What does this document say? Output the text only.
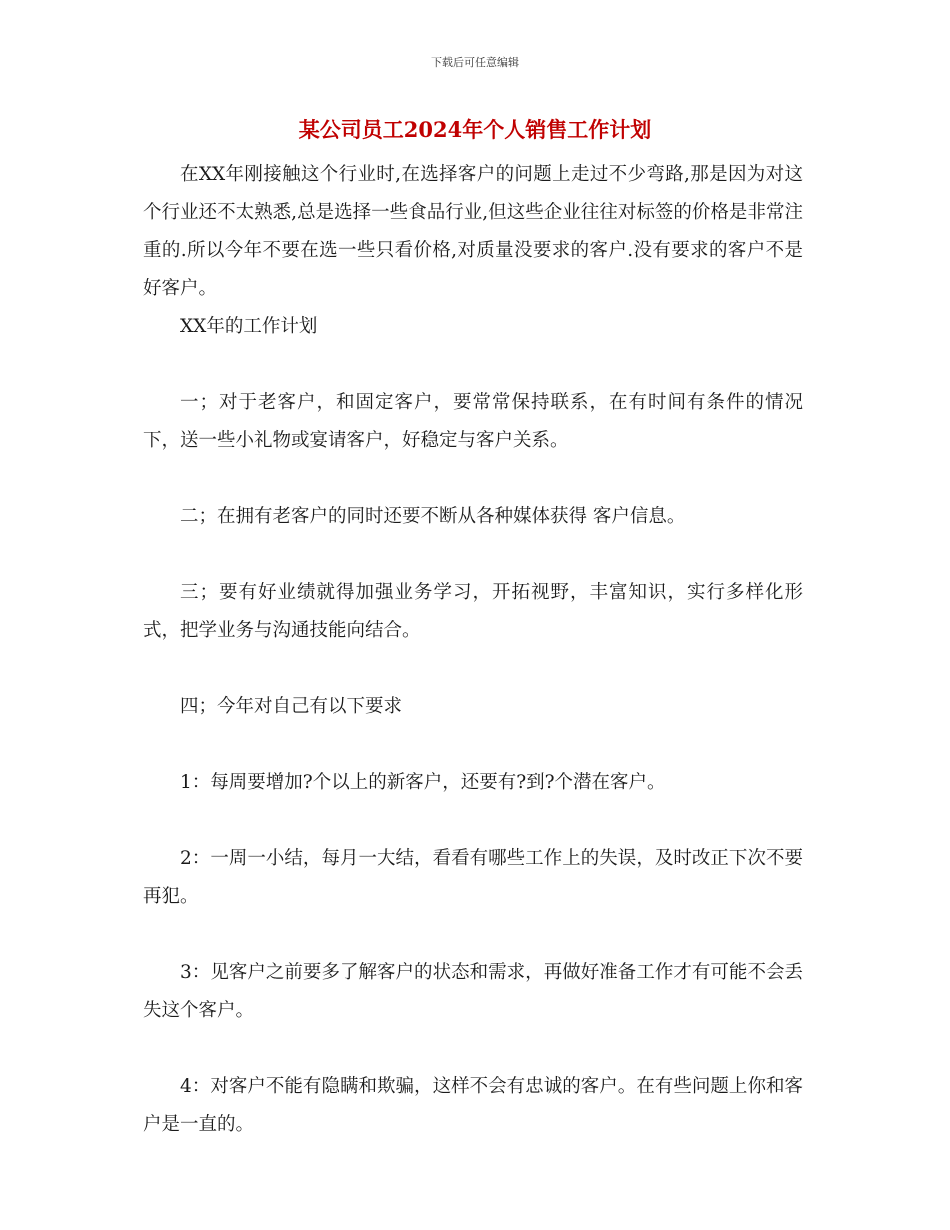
下载后可任意编辑
某公司员工2024年个人销售工作计划

在XX年刚接触这个行业时,在选择客户的问题上走过不少弯路,那是因为对这个行业还不太熟悉,总是选择一些食品行业,但这些企业往往对标签的价格是非常注重的.所以今年不要在选一些只看价格,对质量没要求的客户.没有要求的客户不是好客户。

XX年的工作计划

一；对于老客户，和固定客户，要常常保持联系，在有时间有条件的情况下，送一些小礼物或宴请客户，好稳定与客户关系。

二；在拥有老客户的同时还要不断从各种媒体获得 客户信息。

三；要有好业绩就得加强业务学习，开拓视野，丰富知识，实行多样化形式，把学业务与沟通技能向结合。

四；今年对自己有以下要求

1：每周要增加?个以上的新客户，还要有?到?个潜在客户。

2：一周一小结，每月一大结，看看有哪些工作上的失误，及时改正下次不要再犯。

3：见客户之前要多了解客户的状态和需求，再做好准备工作才有可能不会丢失这个客户。

4：对客户不能有隐瞒和欺骗，这样不会有忠诚的客户。在有些问题上你和客户是一直的。
